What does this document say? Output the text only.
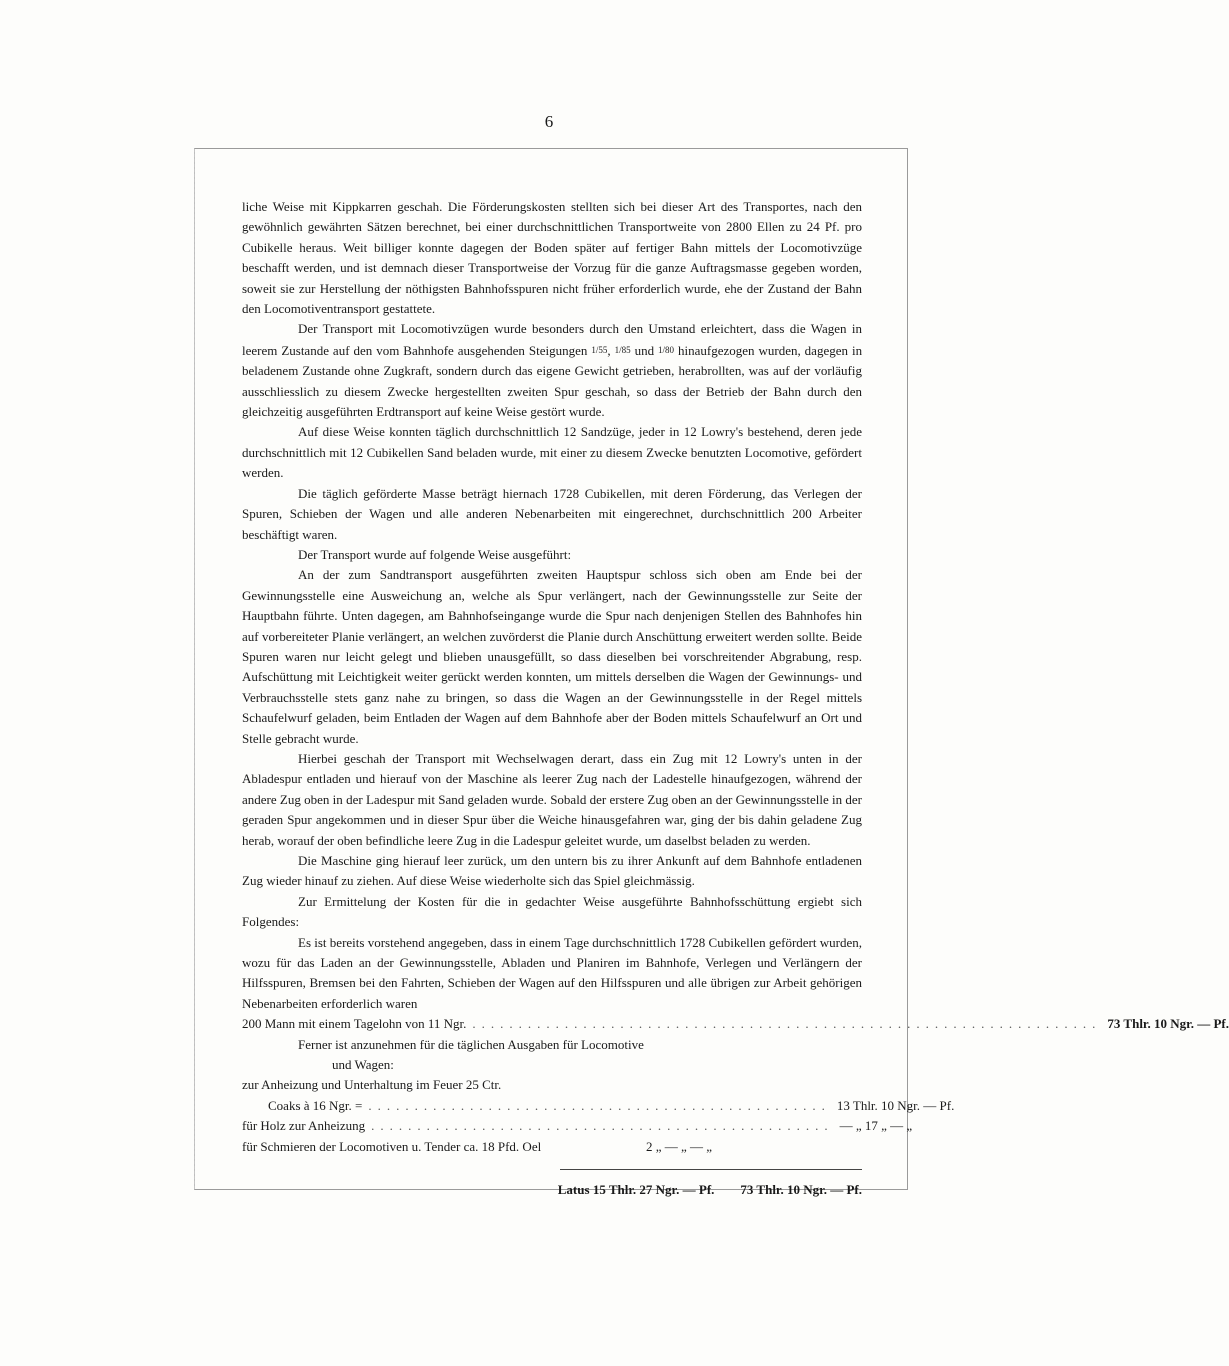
6

liche Weise mit Kippkarren geschah. Die Förderungskosten stellten sich bei dieser Art des Transportes, nach den gewöhnlich gewährten Sätzen berechnet, bei einer durchschnittlichen Transportweite von 2800 Ellen zu 24 Pf. pro Cubikelle heraus. Weit billiger konnte dagegen der Boden später auf fertiger Bahn mittels der Locomotivzüge beschafft werden, und ist demnach dieser Transportweise der Vorzug für die ganze Auftragsmasse gegeben worden, soweit sie zur Herstellung der nöthigsten Bahnhofsspuren nicht früher erforderlich wurde, ehe der Zustand der Bahn den Locomotiventransport gestattete.

Der Transport mit Locomotivzügen wurde besonders durch den Umstand erleichtert, dass die Wagen in leerem Zustande auf den vom Bahnhofe ausgehenden Steigungen 1/55, 1/85 und 1/80 hinaufgezogen wurden, dagegen in beladenem Zustande ohne Zugkraft, sondern durch das eigene Gewicht getrieben, herabrollten, was auf der vorläufig ausschliesslich zu diesem Zwecke hergestellten zweiten Spur geschah, so dass der Betrieb der Bahn durch den gleichzeitig ausgeführten Erdtransport auf keine Weise gestört wurde.

Auf diese Weise konnten täglich durchschnittlich 12 Sandzüge, jeder in 12 Lowry's bestehend, deren jede durchschnittlich mit 12 Cubikellen Sand beladen wurde, mit einer zu diesem Zwecke benutzten Locomotive, gefördert werden.

Die täglich geförderte Masse beträgt hiernach 1728 Cubikellen, mit deren Förderung, das Verlegen der Spuren, Schieben der Wagen und alle anderen Nebenarbeiten mit eingerechnet, durchschnittlich 200 Arbeiter beschäftigt waren.

Der Transport wurde auf folgende Weise ausgeführt:

An der zum Sandtransport ausgeführten zweiten Hauptspur schloss sich oben am Ende bei der Gewinnungsstelle eine Ausweichung an, welche als Spur verlängert, nach der Gewinnungsstelle zur Seite der Hauptbahn führte. Unten dagegen, am Bahnhofseingange wurde die Spur nach denjenigen Stellen des Bahnhofes hin auf vorbereiteter Planie verlängert, an welchen zuvörderst die Planie durch Anschüttung erweitert werden sollte. Beide Spuren waren nur leicht gelegt und blieben unausgefüllt, so dass dieselben bei vorschreitender Abgrabung, resp. Aufschüttung mit Leichtigkeit weiter gerückt werden konnten, um mittels derselben die Wagen der Gewinnungs- und Verbrauchsstelle stets ganz nahe zu bringen, so dass die Wagen an der Gewinnungsstelle in der Regel mittels Schaufelwurf geladen, beim Entladen der Wagen auf dem Bahnhofe aber der Boden mittels Schaufelwurf an Ort und Stelle gebracht wurde.

Hierbei geschah der Transport mit Wechselwagen derart, dass ein Zug mit 12 Lowry's unten in der Abladespur entladen und hierauf von der Maschine als leerer Zug nach der Ladestelle hinaufgezogen, während der andere Zug oben in der Ladespur mit Sand geladen wurde. Sobald der erstere Zug oben an der Gewinnungsstelle in der geraden Spur angekommen und in dieser Spur über die Weiche hinausgefahren war, ging der bis dahin geladene Zug herab, worauf der oben befindliche leere Zug in die Ladespur geleitet wurde, um daselbst beladen zu werden.

Die Maschine ging hierauf leer zurück, um den untern bis zu ihrer Ankunft auf dem Bahnhofe entladenen Zug wieder hinauf zu ziehen. Auf diese Weise wiederholte sich das Spiel gleichmässig.

Zur Ermittelung der Kosten für die in gedachter Weise ausgeführte Bahnhofsschüttung ergiebt sich Folgendes:

Es ist bereits vorstehend angegeben, dass in einem Tage durchschnittlich 1728 Cubikellen gefördert wurden, wozu für das Laden an der Gewinnungsstelle, Abladen und Planiren im Bahnhofe, Verlegen und Verlängern der Hilfsspuren, Bremsen bei den Fahrten, Schieben der Wagen auf den Hilfsspuren und alle übrigen zur Arbeit gehörigen Nebenarbeiten erforderlich waren

200 Mann mit einem Tagelohn von 11 Ngr. .................................................................... 73 Thlr. 10 Ngr. — Pf.
Ferner ist anzunehmen für die täglichen Ausgaben für Locomotive
und Wagen:
zur Anheizung und Unterhaltung im Feuer 25 Ctr.
Coaks à 16 Ngr. = .................................................. 13 Thlr. 10 Ngr. — Pf.
für Holz zur Anheizung .................................................. — „ 17 „ — „
für Schmieren der Locomotiven u. Tender ca. 18 Pfd. Oel	2 „ — „ — „
Latus 15 Thlr. 27 Ngr. — Pf. 73 Thlr. 10 Ngr. — Pf.
